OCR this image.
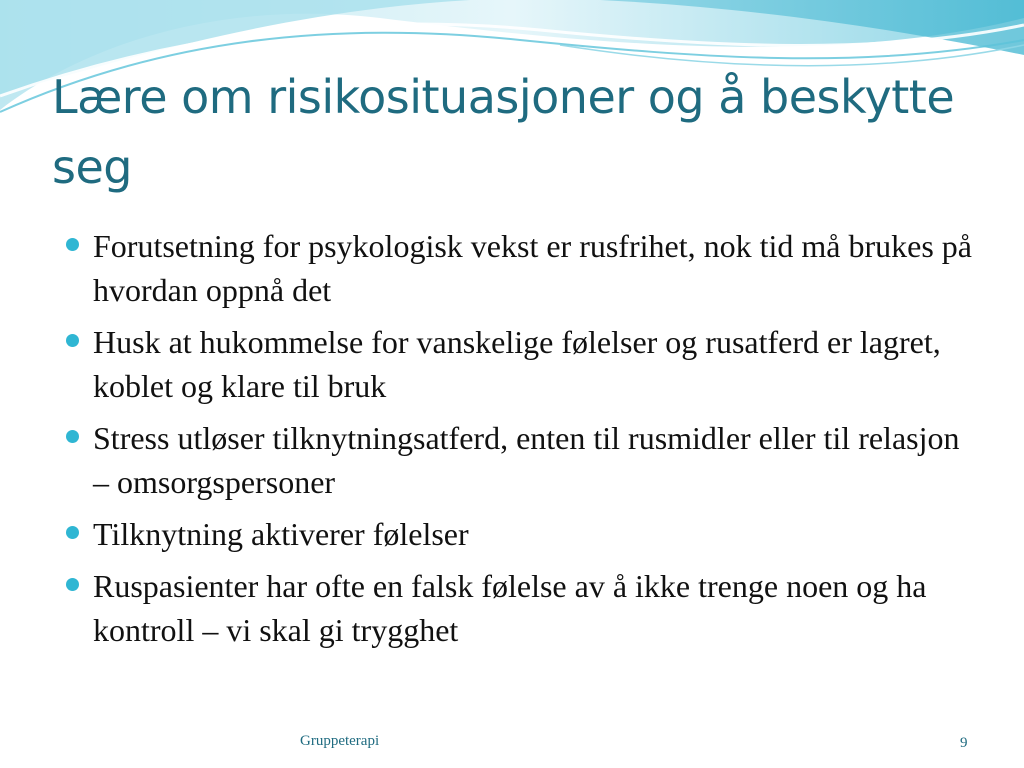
Lære om risikosituasjoner og å beskytte seg
Forutsetning for psykologisk vekst er rusfrihet, nok tid må brukes på hvordan oppnå det
Husk at hukommelse for vanskelige følelser og rusatferd er lagret, koblet og klare til bruk
Stress utløser tilknytningsatferd, enten til rusmidler eller til relasjon – omsorgspersoner
Tilknytning aktiverer følelser
Ruspasienter har ofte en falsk følelse av å ikke trenge noen og ha kontroll – vi skal gi trygghet
Gruppeterapi	9
